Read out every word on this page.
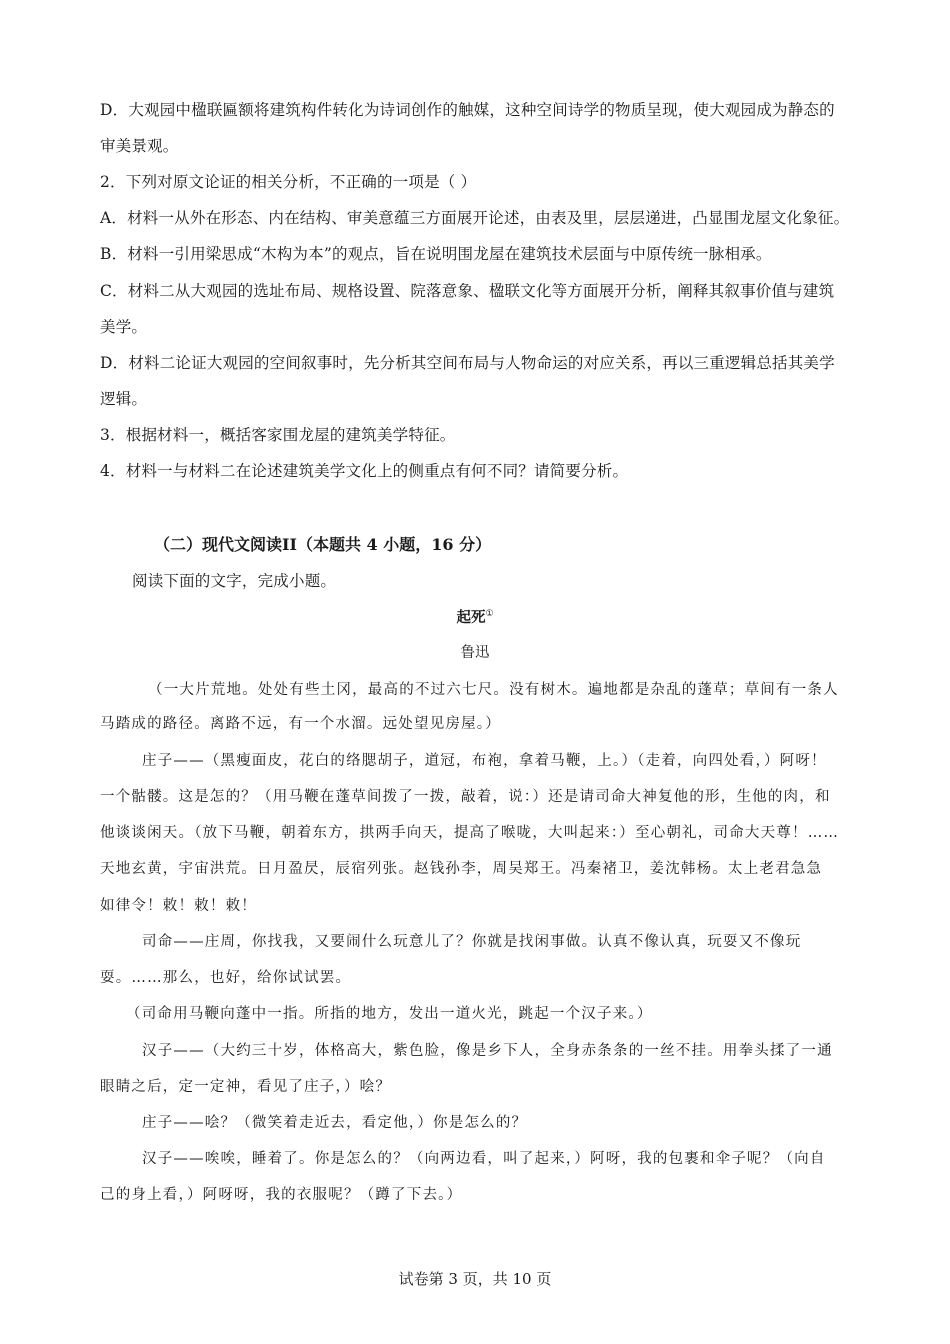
D．大观园中楹联匾额将建筑构件转化为诗词创作的触媒，这种空间诗学的物质呈现，使大观园成为静态的
审美景观。
2．下列对原文论证的相关分析，不正确的一项是（ ）
A．材料一从外在形态、内在结构、审美意蕴三方面展开论述，由表及里，层层递进，凸显围龙屋文化象征。
B．材料一引用梁思成“木构为本”的观点，旨在说明围龙屋在建筑技术层面与中原传统一脉相承。
C．材料二从大观园的选址布局、规格设置、院落意象、楹联文化等方面展开分析，阐释其叙事价值与建筑
美学。
D．材料二论证大观园的空间叙事时，先分析其空间布局与人物命运的对应关系，再以三重逻辑总括其美学
逻辑。
3．根据材料一，概括客家围龙屋的建筑美学特征。
4．材料一与材料二在论述建筑美学文化上的侧重点有何不同？请简要分析。
（二）现代文阅读II（本题共 4 小题，16 分）
阅读下面的文字，完成小题。
起死①
鲁迅
（一大片荒地。处处有些土冈，最高的不过六七尺。没有树木。遍地都是杂乱的蓬草；草间有一条人
马踏成的路径。离路不远，有一个水溜。远处望见房屋。）
庄子——（黑瘦面皮，花白的络腮胡子，道冠，布袍，拿着马鞭，上。）（走着，向四处看，）阿呀！
一个骷髅。这是怎的？（用马鞭在蓬草间拨了一拨，敲着，说：）还是请司命大神复他的形，生他的肉，和
他谈谈闲天。（放下马鞭，朝着东方，拱两手向天，提高了喉咙，大叫起来：）至心朝礼，司命大天尊！……
天地玄黄，宇宙洪荒。日月盈昃，辰宿列张。赵钱孙李，周吴郑王。冯秦褚卫，姜沈韩杨。太上老君急急
如律令！敕！敕！敕！
司命——庄周，你找我，又要闹什么玩意儿了？你就是找闲事做。认真不像认真，玩耍又不像玩
耍。……那么，也好，给你试试罢。
（司命用马鞭向蓬中一指。所指的地方，发出一道火光，跳起一个汉子来。）
汉子——（大约三十岁，体格高大，紫色脸，像是乡下人，全身赤条条的一丝不挂。用拳头揉了一通
眼睛之后，定一定神，看见了庄子，）哙？
庄子——哙？（微笑着走近去，看定他，）你是怎么的？
汉子——唉唉，睡着了。你是怎么的？（向两边看，叫了起来，）阿呀，我的包裹和伞子呢？（向自
己的身上看，）阿呀呀，我的衣服呢？（蹲了下去。）
试卷第 3 页，共 10 页
